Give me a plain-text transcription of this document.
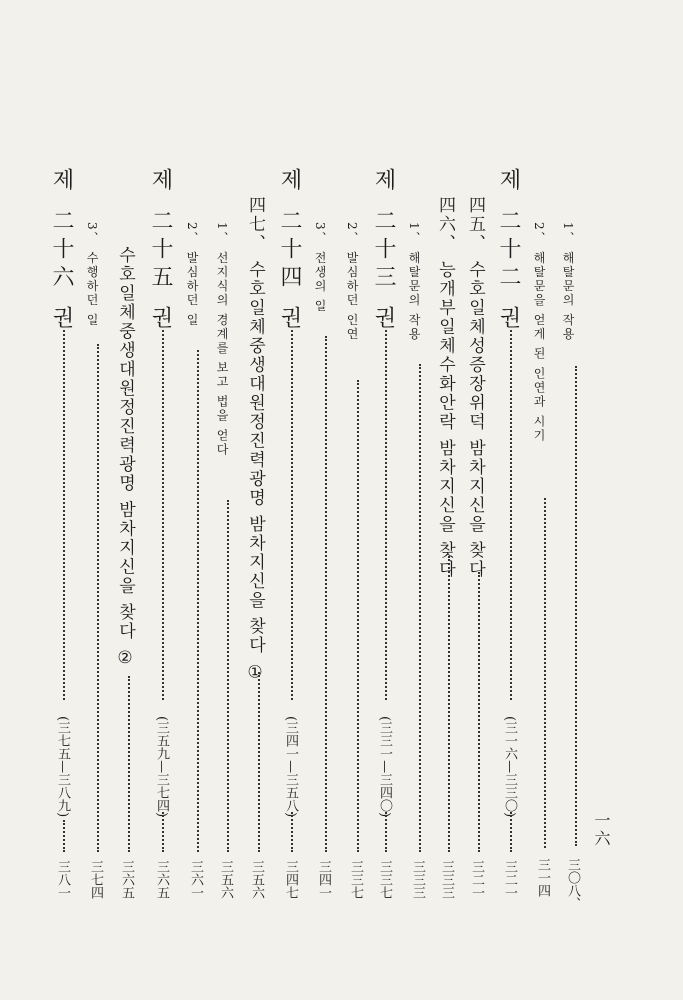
一六
1、 해탈문의 작용
三〇八、
2、 해탈문을 얻게 된 인연과 시기
三一四
제 二十二 권
(三一六—三三〇)
三二一
四五、 수호일체성증장위덕 밤차지신을 찾다
三二一
四六、 능개부일체수화안락 밤차지신을 찾다
三三三
1、 해탈문의 작용
三三三
제 二十三 권
(三三一—三四〇)
三三七
2、 발심하던 인연
三三七
3、 전생의 일
三四一
제 二十四 권
(三四一—三五八)
三四七
四七、 수호일체중생대원정진력광명 밤차지신을 찾다 ①
三五六
1、 선지식의 경계를 보고 법을 얻다
三五六
2、 발심하던 일
三六一
제 二十五 권
(三五九—三七四)
三六五
수호일체중생대원정진력광명 밤차지신을 찾다 ②
三六五
3、 수행하던 일
三七四
제 二十六 권
(三七五—三八九)
三八一
